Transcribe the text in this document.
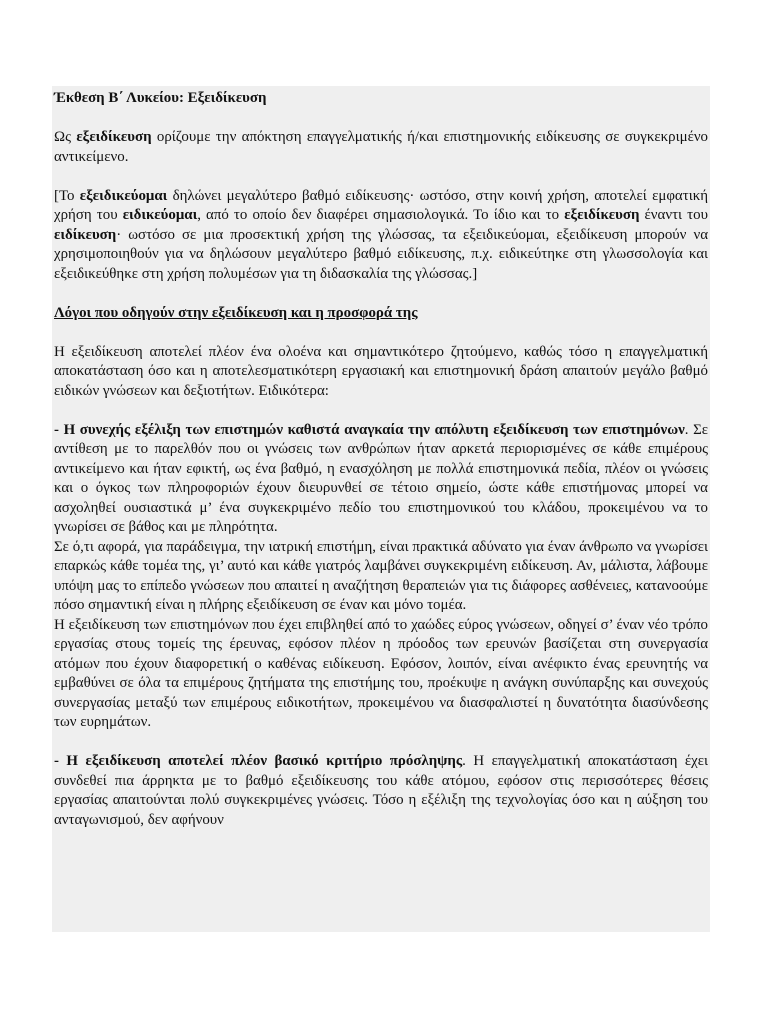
Έκθεση Β΄ Λυκείου: Εξειδίκευση

Ως εξειδίκευση ορίζουμε την απόκτηση επαγγελματικής ή/και επιστημονικής ειδίκευσης σε συγκεκριμένο αντικείμενο.

[Το εξειδικεύομαι δηλώνει μεγαλύτερο βαθμό ειδίκευσης· ωστόσο, στην κοινή χρήση, αποτελεί εμφατική χρήση του ειδικεύομαι, από το οποίο δεν διαφέρει σημασιολογικά. Το ίδιο και το εξειδίκευση έναντι του ειδίκευση· ωστόσο σε μια προσεκτική χρήση της γλώσσας, τα εξειδικεύομαι, εξειδίκευση μπορούν να χρησιμοποιηθούν για να δηλώσουν μεγαλύτερο βαθμό ειδίκευσης, π.χ. ειδικεύτηκε στη γλωσσολογία και εξειδικεύθηκε στη χρήση πολυμέσων για τη διδασκαλία της γλώσσας.]

Λόγοι που οδηγούν στην εξειδίκευση και η προσφορά της

Η εξειδίκευση αποτελεί πλέον ένα ολοένα και σημαντικότερο ζητούμενο, καθώς τόσο η επαγγελματική αποκατάσταση όσο και η αποτελεσματικότερη εργασιακή και επιστημονική δράση απαιτούν μεγάλο βαθμό ειδικών γνώσεων και δεξιοτήτων. Ειδικότερα:

- Η συνεχής εξέλιξη των επιστημών καθιστά αναγκαία την απόλυτη εξειδίκευση των επιστημόνων. Σε αντίθεση με το παρελθόν που οι γνώσεις των ανθρώπων ήταν αρκετά περιορισμένες σε κάθε επιμέρους αντικείμενο και ήταν εφικτή, ως ένα βαθμό, η ενασχόληση με πολλά επιστημονικά πεδία, πλέον οι γνώσεις και ο όγκος των πληροφοριών έχουν διευρυνθεί σε τέτοιο σημείο, ώστε κάθε επιστήμονας μπορεί να ασχοληθεί ουσιαστικά μ’ ένα συγκεκριμένο πεδίο του επιστημονικού του κλάδου, προκειμένου να το γνωρίσει σε βάθος και με πληρότητα.

Σε ό,τι αφορά, για παράδειγμα, την ιατρική επιστήμη, είναι πρακτικά αδύνατο για έναν άνθρωπο να γνωρίσει επαρκώς κάθε τομέα της, γι’ αυτό και κάθε γιατρός λαμβάνει συγκεκριμένη ειδίκευση. Αν, μάλιστα, λάβουμε υπόψη μας το επίπεδο γνώσεων που απαιτεί η αναζήτηση θεραπειών για τις διάφορες ασθένειες, κατανοούμε πόσο σημαντική είναι η πλήρης εξειδίκευση σε έναν και μόνο τομέα.

Η εξειδίκευση των επιστημόνων που έχει επιβληθεί από το χαώδες εύρος γνώσεων, οδηγεί σ’ έναν νέο τρόπο εργασίας στους τομείς της έρευνας, εφόσον πλέον η πρόοδος των ερευνών βασίζεται στη συνεργασία ατόμων που έχουν διαφορετική ο καθένας ειδίκευση. Εφόσον, λοιπόν, είναι ανέφικτο ένας ερευνητής να εμβαθύνει σε όλα τα επιμέρους ζητήματα της επιστήμης του, προέκυψε η ανάγκη συνύπαρξης και συνεχούς συνεργασίας μεταξύ των επιμέρους ειδικοτήτων, προκειμένου να διασφαλιστεί η δυνατότητα διασύνδεσης των ευρημάτων.

- Η εξειδίκευση αποτελεί πλέον βασικό κριτήριο πρόσληψης. Η επαγγελματική αποκατάσταση έχει συνδεθεί πια άρρηκτα με το βαθμό εξειδίκευσης του κάθε ατόμου, εφόσον στις περισσότερες θέσεις εργασίας απαιτούνται πολύ συγκεκριμένες γνώσεις. Τόσο η εξέλιξη της τεχνολογίας όσο και η αύξηση του ανταγωνισμού, δεν αφήνουν
